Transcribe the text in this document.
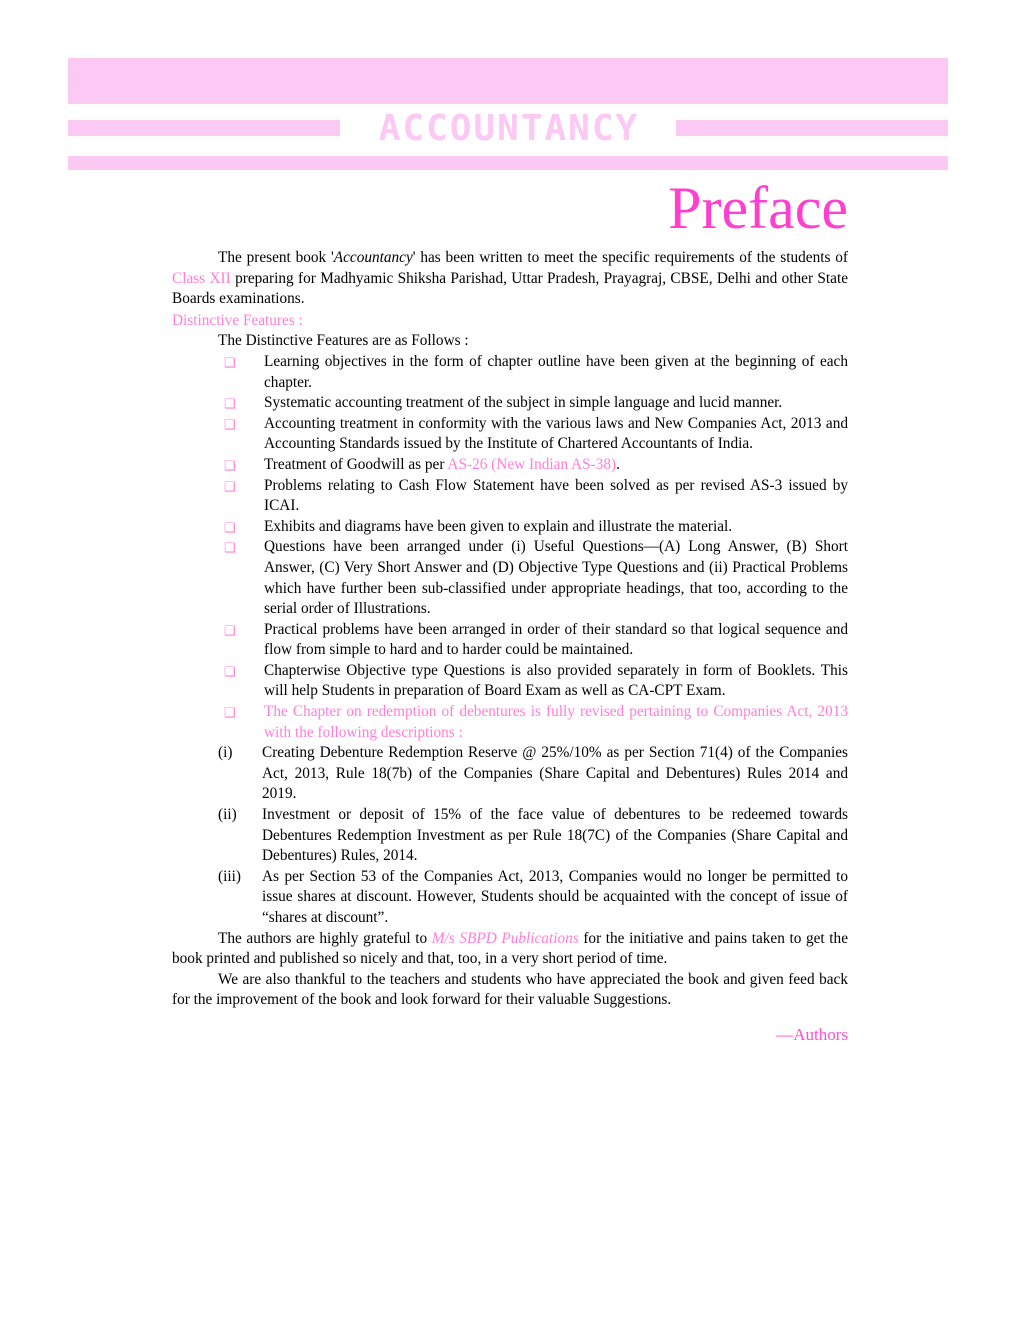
ACCOUNTANCY
Preface

The present book 'Accountancy' has been written to meet the specific requirements of the students of Class XII preparing for Madhyamic Shiksha Parishad, Uttar Pradesh, Prayagraj, CBSE, Delhi and other State Boards examinations.

Distinctive Features :

The Distinctive Features are as Follows :

❑ Learning objectives in the form of chapter outline have been given at the beginning of each chapter.
❑ Systematic accounting treatment of the subject in simple language and lucid manner.
❑ Accounting treatment in conformity with the various laws and New Companies Act, 2013 and Accounting Standards issued by the Institute of Chartered Accountants of India.
❑ Treatment of Goodwill as per AS-26 (New Indian AS-38).
❑ Problems relating to Cash Flow Statement have been solved as per revised AS-3 issued by ICAI.
❑ Exhibits and diagrams have been given to explain and illustrate the material.
❑ Questions have been arranged under (i) Useful Questions—(A) Long Answer, (B) Short Answer, (C) Very Short Answer and (D) Objective Type Questions and (ii) Practical Problems which have further been sub-classified under appropriate headings, that too, according to the serial order of Illustrations.
❑ Practical problems have been arranged in order of their standard so that logical sequence and flow from simple to hard and to harder could be maintained.
❑ Chapterwise Objective type Questions is also provided separately in form of Booklets. This will help Students in preparation of Board Exam as well as CA-CPT Exam.
❑ The Chapter on redemption of debentures is fully revised pertaining to Companies Act, 2013 with the following descriptions :
(i)	Creating Debenture Redemption Reserve @ 25%/10% as per Section 71(4) of the Companies Act, 2013, Rule 18(7b) of the Companies (Share Capital and Debentures) Rules 2014 and 2019.
(ii)	Investment or deposit of 15% of the face value of debentures to be redeemed towards Debentures Redemption Investment as per Rule 18(7C) of the Companies (Share Capital and Debentures) Rules, 2014.
(iii)	As per Section 53 of the Companies Act, 2013, Companies would no longer be permitted to issue shares at discount. However, Students should be acquainted with the concept of issue of “shares at discount”.

The authors are highly grateful to M/s SBPD Publications for the initiative and pains taken to get the book printed and published so nicely and that, too, in a very short period of time.

We are also thankful to the teachers and students who have appreciated the book and given feed back for the improvement of the book and look forward for their valuable Suggestions.

—Authors
